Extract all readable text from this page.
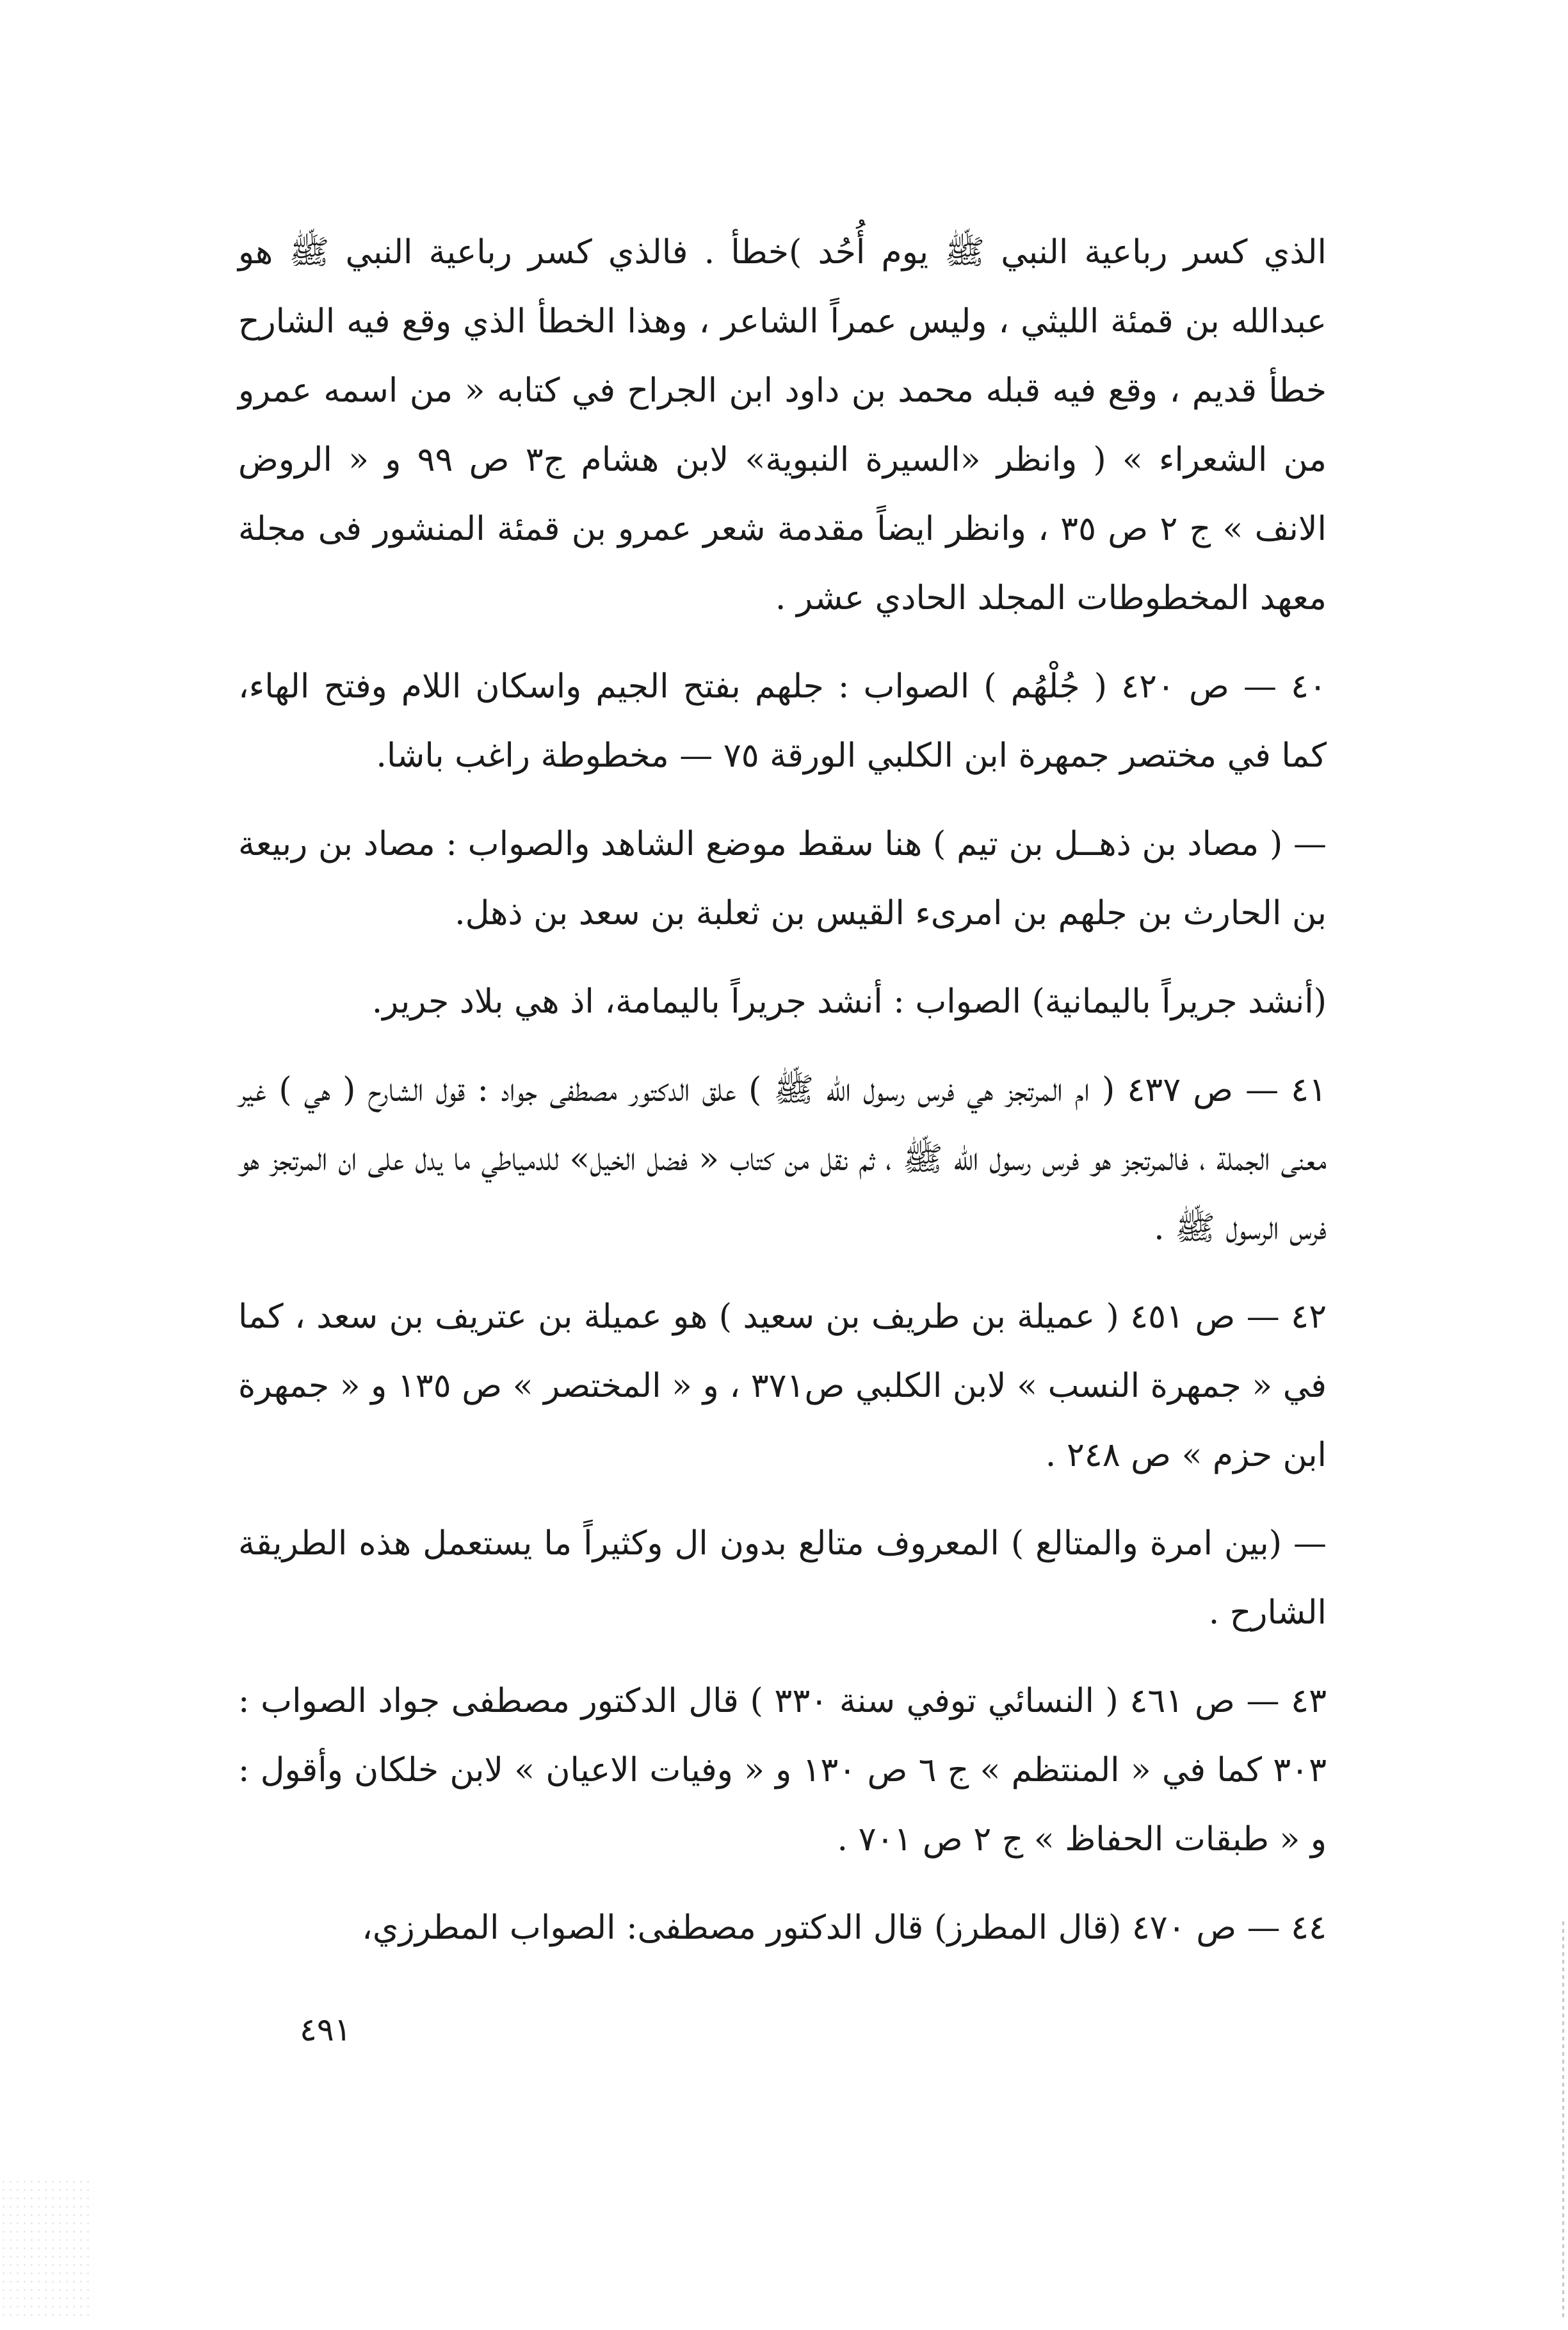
الذي كسر رباعية النبي ﷺ يوم أُحُد )خطأ . فالذي كسر رباعية النبي ﷺ هو عبدالله بن قمئة الليثي ، وليس عمراً الشاعر ، وهذا الخطأ الذي وقع فيه الشارح خطأ قديم ، وقع فيه قبله محمد بن داود ابن الجراح في كتابه « من اسمه عمرو من الشعراء » ( وانظر «السيرة النبوية» لابن هشام ج٣ ص ٩٩ و « الروض الانف » ج ٢ ص ٣٥ ، وانظر ايضاً مقدمة شعر عمرو بن قمئة المنشور فى مجلة معهد المخطوطات المجلد الحادي عشر .

٤٠ — ص ٤٢٠ ( جُلْهُم ) الصواب : جلهم بفتح الجيم واسكان اللام وفتح الهاء، كما في مختصر جمهرة ابن الكلبي الورقة ٧٥ — مخطوطة راغب باشا.

— ( مصاد بن ذهــل بن تيم ) هنا سقط موضع الشاهد والصواب : مصاد بن ربيعة بن الحارث بن جلهم بن امرىء القيس بن ثعلبة بن سعد بن ذهل.

(أنشد جريراً باليمانية) الصواب : أنشد جريراً باليمامة، اذ هي بلاد جرير.

٤١ — ص ٤٣٧ ( ام المرتجز هي فرس رسول الله ﷺ ) علق الدكتور مصطفى جواد : قول الشارح ( هي ) غير معنى الجملة ، فالمرتجز هو فرس رسول الله ﷺ ، ثم نقل من كتاب « فضل الخيل» للدمياطي ما يدل على ان المرتجز هو فرس الرسول ﷺ .

٤٢ — ص ٤٥١ ( عميلة بن طريف بن سعيد ) هو عميلة بن عتريف بن سعد ، كما في « جمهرة النسب » لابن الكلبي ص٣٧١ ، و « المختصر » ص ١٣٥ و « جمهرة ابن حزم » ص ٢٤٨ .

— (بين امرة والمتالع ) المعروف متالع بدون ال وكثيراً ما يستعمل هذه الطريقة الشارح .

٤٣ — ص ٤٦١ ( النسائي توفي سنة ٣٣٠ ) قال الدكتور مصطفى جواد الصواب : ٣٠٣ كما في « المنتظم » ج ٦ ص ١٣٠ و « وفيات الاعيان » لابن خلكان وأقول : و « طبقات الحفاظ » ج ٢ ص ٧٠١ .

٤٤ — ص ٤٧٠ (قال المطرز) قال الدكتور مصطفى: الصواب المطرزي،

٤٩١
